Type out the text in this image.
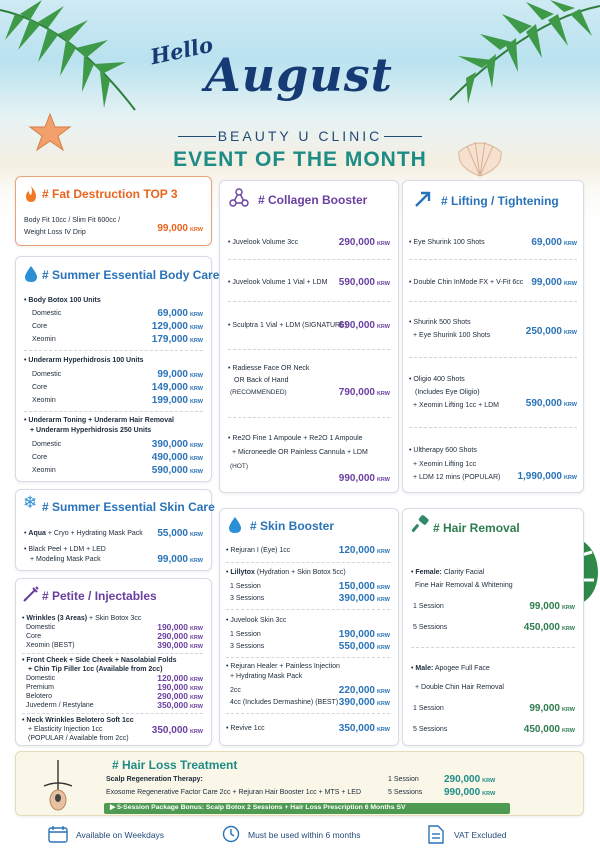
Hello
August
BEAUTY U CLINIC
EVENT OF THE MONTH
# Fat Destruction TOP 3
Body Fit 10cc / Slim Fit 600cc /
Weight Loss IV Drip	99,000 KRW
# Summer Essential Body Care
• Body Botox 100 Units
Domestic	69,000 KRW
Core	129,000 KRW
Xeomin	179,000 KRW
• Underarm Hyperhidrosis 100 Units
Domestic	99,000 KRW
Core	149,000 KRW
Xeomin	199,000 KRW
• Underarm Toning + Underarm Hair Removal
+ Underarm Hyperhidrosis 250 Units
Domestic	390,000 KRW
Core	490,000 KRW
Xeomin	590,000 KRW
❄ # Summer Essential Skin Care
• Aqua + Cryo + Hydrating Mask Pack 55,000 KRW
• Black Peel + LDM + LED
+ Modeling Mask Pack	99,000 KRW
# Petite / Injectables
• Wrinkles (3 Areas) + Skin Botox 3cc
Domestic	190,000 KRW
Core	290,000 KRW
Xeomin (BEST)	390,000 KRW
• Front Cheek + Side Cheek + Nasolabial Folds
+ Chin Tip Filler 1cc (Available from 2cc)
Domestic	120,000 KRW
Premium	190,000 KRW
Belotero	290,000 KRW
Juvederm / Restylane	350,000 KRW
• Neck Wrinkles Belotero Soft 1cc
+ Elasticity Injection 1cc
(POPULAR / Available from 2cc)
350,000 KRW
# Collagen Booster
• Juvelook Volume 3cc	290,000 KRW
• Juvelook Volume 1 Vial + LDM 590,000 KRW
• Sculptra 1 Vial + LDM (SIGNATURE)
690,000 KRW
• Radiesse Face OR Neck
OR Back of Hand
(RECOMMENDED)	790,000 KRW
• Re2O Fine 1 Ampoule + Re2O 1 Ampoule
+ Microneedle OR Painless Cannula + LDM
(HOT)
990,000 KRW
# Skin Booster
• Rejuran I (Eye) 1cc	120,000 KRW
• Lillytox (Hydration + Skin Botox 5cc)
1 Session	150,000 KRW
3 Sessions	390,000 KRW
• Juvelook Skin 3cc
1 Session	190,000 KRW
3 Sessions	550,000 KRW
• Rejuran Healer + Painless Injection
+ Hydrating Mask Pack
2cc	220,000 KRW
4cc (Includes Dermashine) (BEST) 390,000 KRW
• Revive 1cc	350,000 KRW
# Lifting / Tightening
• Eye Shurink 100 Shots	69,000 KRW
• Double Chin InMode FX + V-Fit 6cc 99,000 KRW
• Shurink 500 Shots
+ Eye Shurink 100 Shots	250,000 KRW
• Oligio 400 Shots
(Includes Eye Oligio)
+ Xeomin Lifting 1cc + LDM	590,000 KRW
• Ultherapy 600 Shots
+ Xeomin Lifting 1cc
+ LDM 12 mins (POPULAR) 1,990,000 KRW
# Hair Removal
• Female: Clarity Facial
Fine Hair Removal & Whitening
1 Session	99,000 KRW
5 Sessions	450,000 KRW
• Male: Apogee Full Face
+ Double Chin Hair Removal
1 Session	99,000 KRW
5 Sessions	450,000 KRW
# Hair Loss Treatment
Scalp Regeneration Therapy:
Exosome Regenerative Factor Care 2cc + Rejuran Hair Booster 1cc + MTS + LED
1 Session	290,000 KRW
5 Sessions 990,000 KRW
▶ 5-Session Package Bonus: Scalp Botox 2 Sessions + Hair Loss Prescription 6 Months SV
Available on Weekdays	Must be used within 6 months	VAT Excluded
